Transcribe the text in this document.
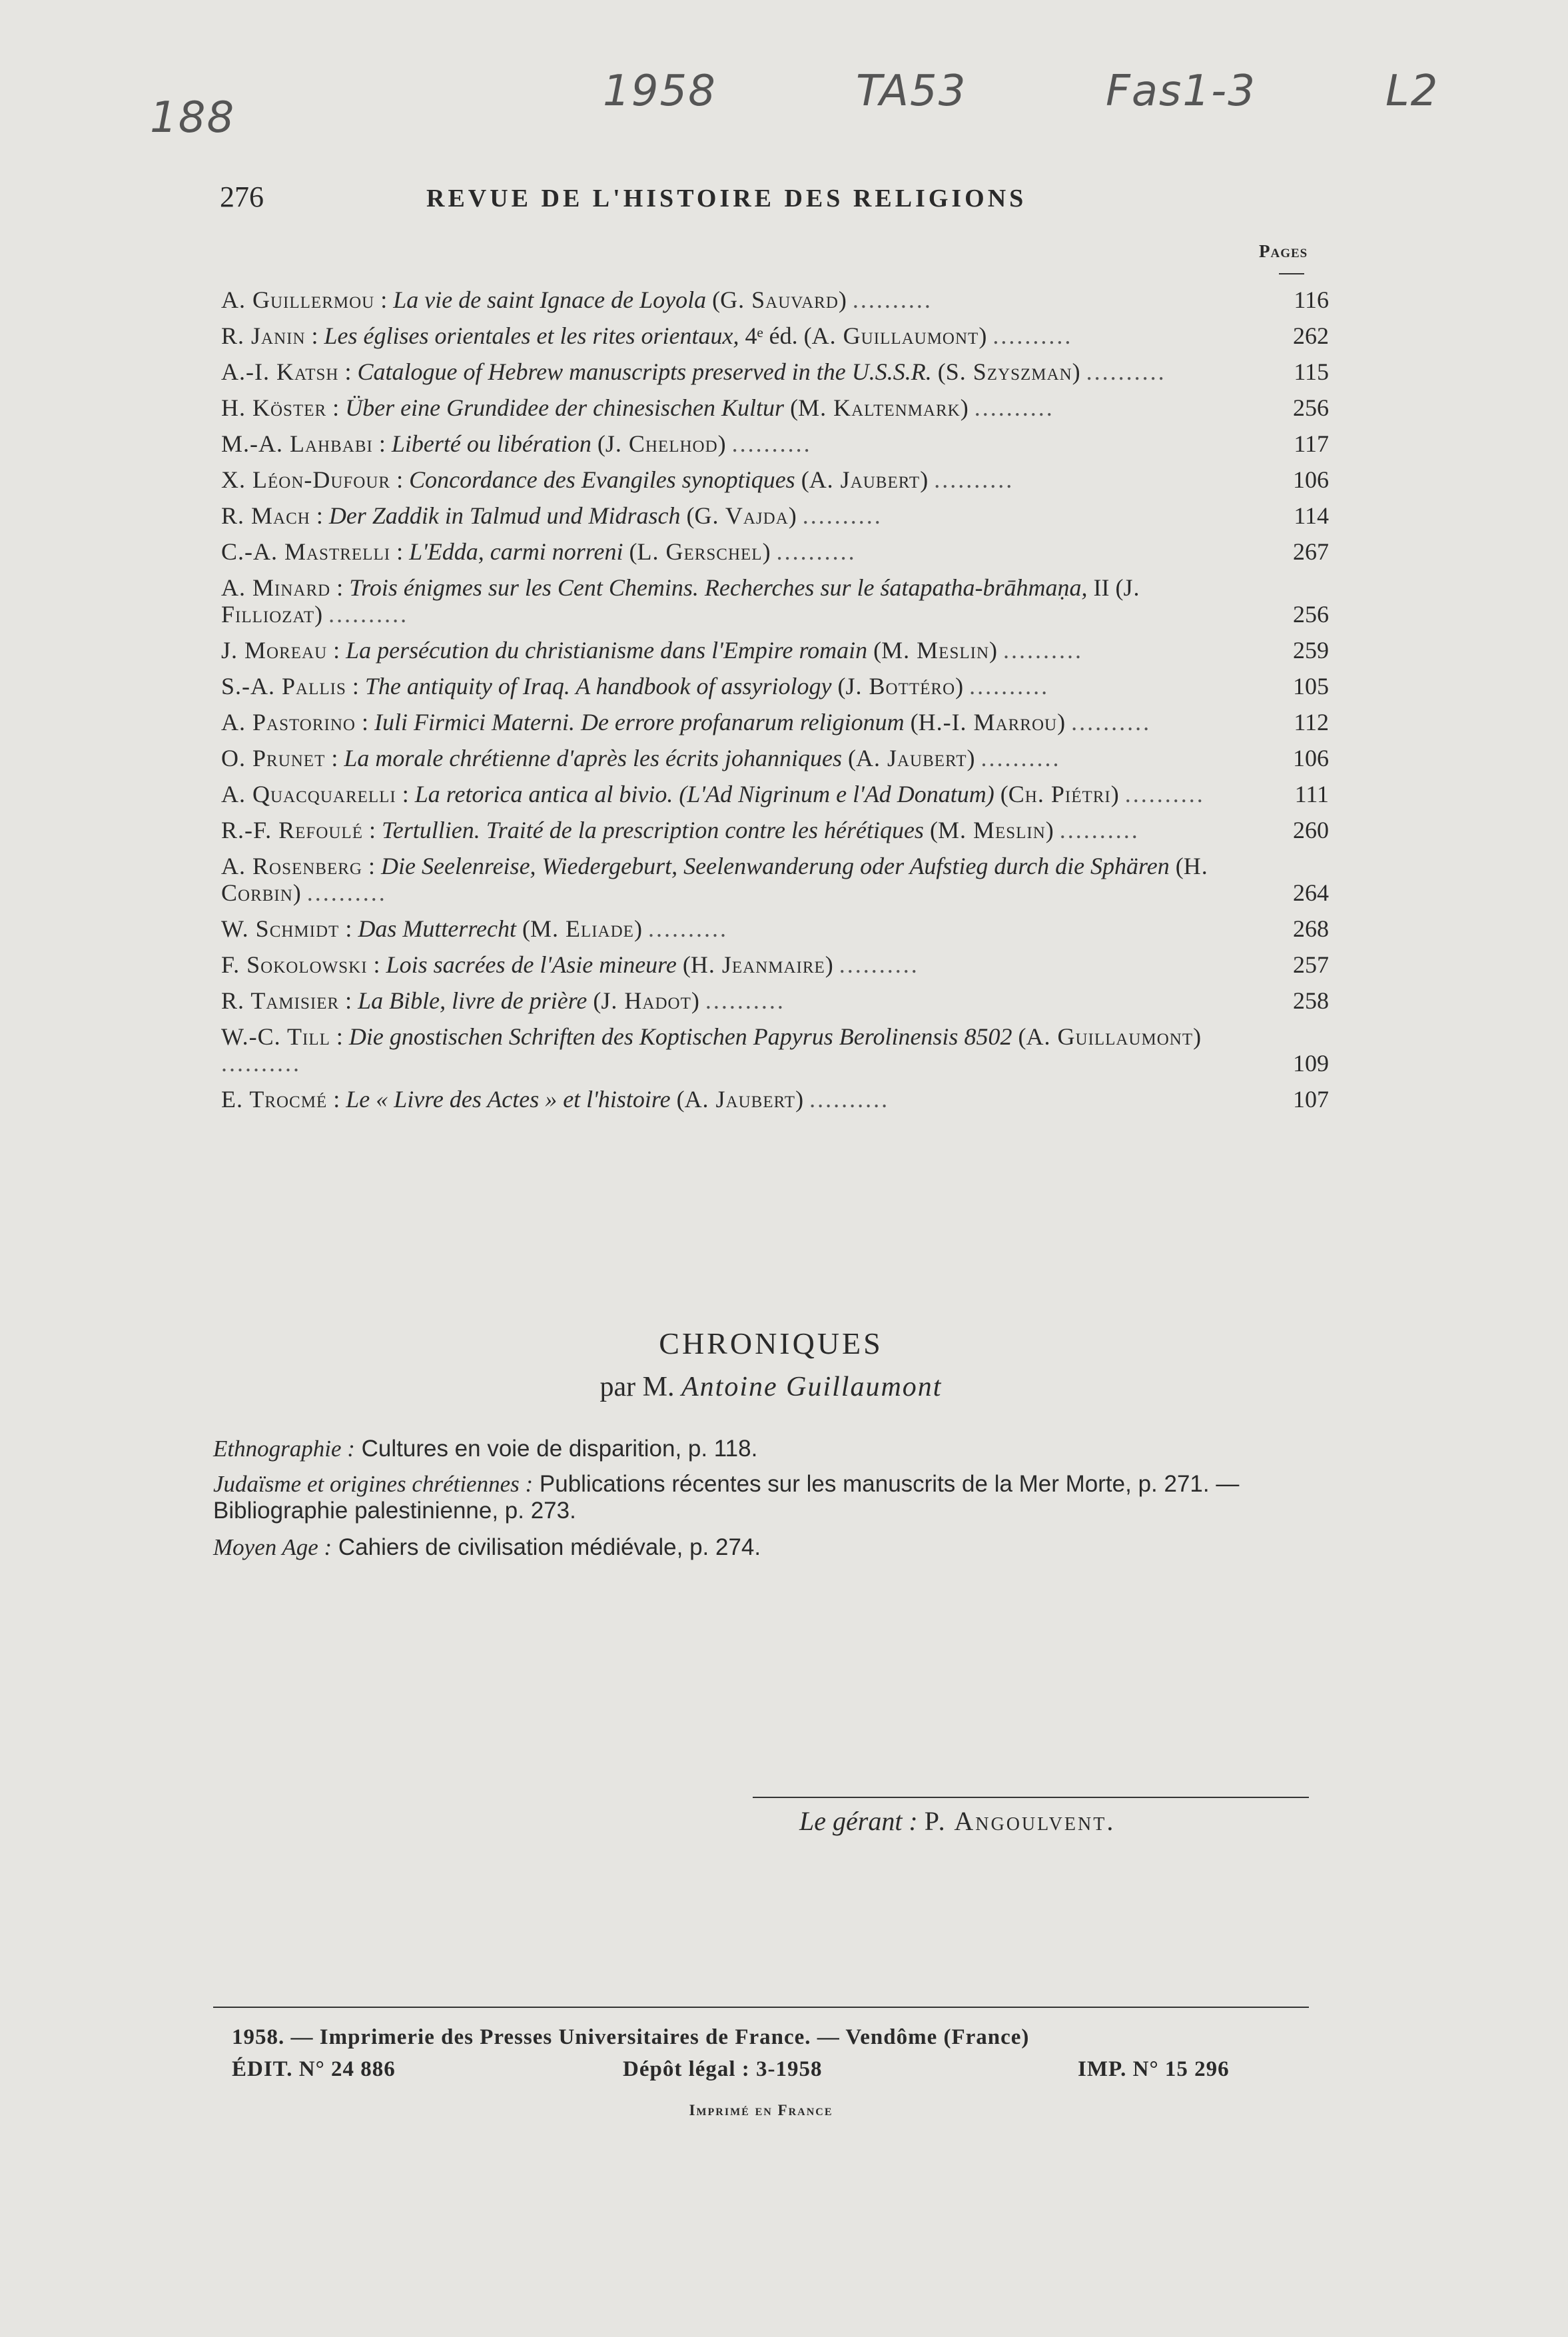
188
1958	TA53	Fas1-3	L2
276	REVUE DE L'HISTOIRE DES RELIGIONS
Pages
A. Guillermou : La vie de saint Ignace de Loyola (G. Sauvard) ..........	116
R. Janin : Les églises orientales et les rites orientaux, 4ᵉ éd. (A. Guillaumont) ..........	262
A.-I. Katsh : Catalogue of Hebrew manuscripts preserved in the U.S.S.R. (S. Szyszman) ..........	115
H. Köster : Über eine Grundidee der chinesischen Kultur (M. Kaltenmark) ..........	256
M.-A. Lahbabi : Liberté ou libération (J. Chelhod) ..........	117
X. Léon-Dufour : Concordance des Evangiles synoptiques (A. Jaubert) ..........	106
R. Mach : Der Zaddik in Talmud und Midrasch (G. Vajda) ..........	114
C.-A. Mastrelli : L'Edda, carmi norreni (L. Gerschel) ..........	267
A. Minard : Trois énigmes sur les Cent Chemins. Recherches sur le śatapatha-brāhmaṇa, II (J. Filliozat) ..........	256
J. Moreau : La persécution du christianisme dans l'Empire romain (M. Meslin) ..........	259
S.-A. Pallis : The antiquity of Iraq. A handbook of assyriology (J. Bottéro) ..........	105
A. Pastorino : Iuli Firmici Materni. De errore profanarum religionum (H.-I. Marrou) ..........	112
O. Prunet : La morale chrétienne d'après les écrits johanniques (A. Jaubert) ..........	106
A. Quacquarelli : La retorica antica al bivio. (L'Ad Nigrinum e l'Ad Donatum) (Ch. Piétri) ..........	111
R.-F. Refoulé : Tertullien. Traité de la prescription contre les hérétiques (M. Meslin) ..........	260
A. Rosenberg : Die Seelenreise, Wiedergeburt, Seelenwanderung oder Aufstieg durch die Sphären (H. Corbin) ..........	264
W. Schmidt : Das Mutterrecht (M. Eliade) ..........	268
F. Sokolowski : Lois sacrées de l'Asie mineure (H. Jeanmaire) ..........	257
R. Tamisier : La Bible, livre de prière (J. Hadot) ..........	258
W.-C. Till : Die gnostischen Schriften des Koptischen Papyrus Berolinensis 8502 (A. Guillaumont) ..........	109
E. Trocmé : Le « Livre des Actes » et l'histoire (A. Jaubert) ..........	107
CHRONIQUES
par M. Antoine Guillaumont
Ethnographie : Cultures en voie de disparition, p. 118.
Judaïsme et origines chrétiennes : Publications récentes sur les manuscrits de la Mer Morte, p. 271. — Bibliographie palestinienne, p. 273.
Moyen Age : Cahiers de civilisation médiévale, p. 274.
Le gérant : P. Angoulvent.
1958. — Imprimerie des Presses Universitaires de France. — Vendôme (France)
ÉDIT. N° 24 886	Dépôt légal : 3-1958	IMP. N° 15 296
Imprimé en France
